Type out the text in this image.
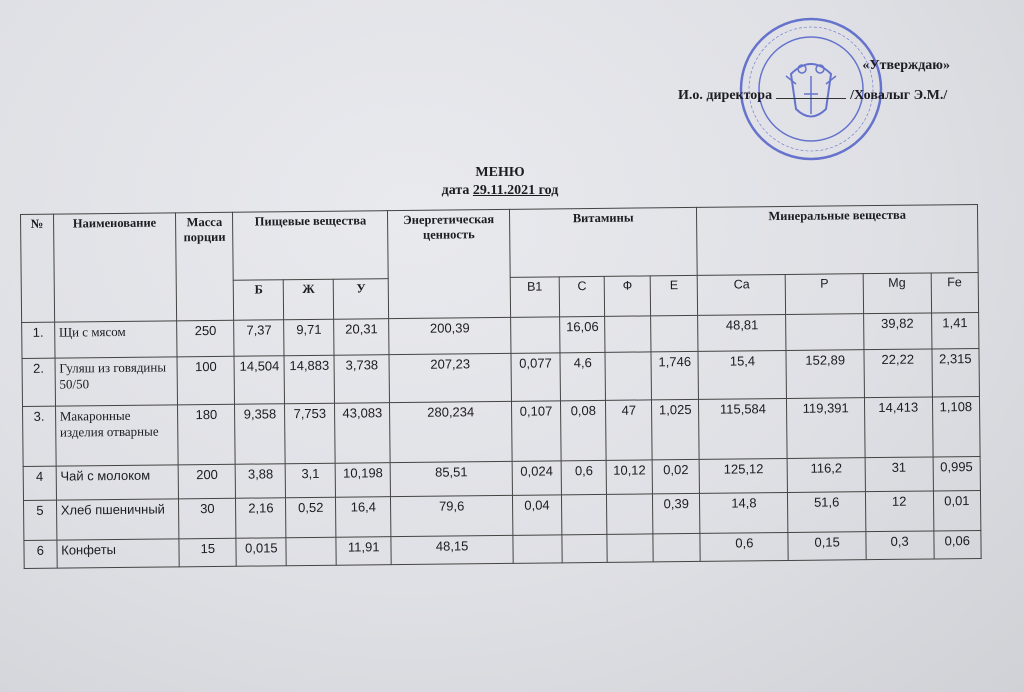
«Утверждаю»
И.о. директора	/Ховалыг Э.М./
МЕНЮ
дата 29.11.2021 год
№	Наименование	Масса порции	Пищевые вещества			Энергетическая ценность	Витамины				Минеральные вещества			
			Б	Ж	У		B1	C	Ф	E	Ca	P	Mg	Fe
1.	Щи с мясом	250	7,37	9,71	20,31	200,39		16,06			48,81		39,82	1,41
2.	Гуляш из говядины 50/50	100	14,504	14,883	3,738	207,23	0,077	4,6		1,746	15,4	152,89	22,22	2,315
3.	Макаронные изделия отварные	180	9,358	7,753	43,083	280,234	0,107	0,08	47	1,025	115,584	119,391	14,413	1,108
4	Чай с молоком	200	3,88	3,1	10,198	85,51	0,024	0,6	10,12	0,02	125,12	116,2	31	0,995
5	Хлеб пшеничный	30	2,16	0,52	16,4	79,6	0,04			0,39	14,8	51,6	12	0,01
6	Конфеты	15	0,015		11,91	48,15					0,6	0,15	0,3	0,06
